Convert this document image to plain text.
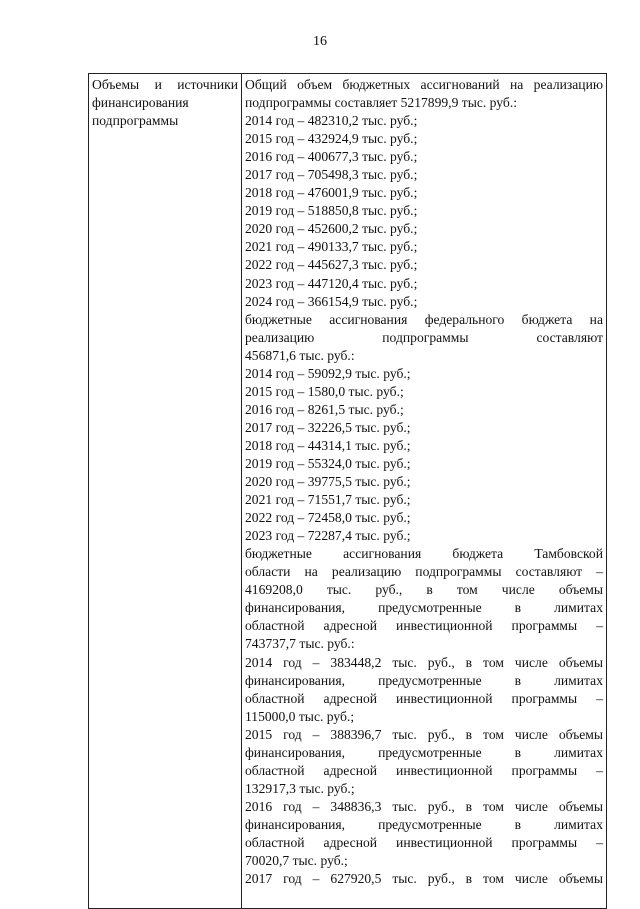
16
Объемы и источники
финансирования
подпрограммы

Общий объем бюджетных ассигнований на реализацию
подпрограммы составляет 5217899,9 тыс. руб.:
2014 год – 482310,2 тыс. руб.;
2015 год – 432924,9 тыс. руб.;
2016 год – 400677,3 тыс. руб.;
2017 год – 705498,3 тыс. руб.;
2018 год – 476001,9 тыс. руб.;
2019 год – 518850,8 тыс. руб.;
2020 год – 452600,2 тыс. руб.;
2021 год – 490133,7 тыс. руб.;
2022 год – 445627,3 тыс. руб.;
2023 год – 447120,4 тыс. руб.;
2024 год – 366154,9 тыс. руб.;
бюджетные ассигнования федерального бюджета на
реализацию подпрограммы составляют
456871,6 тыс. руб.:
2014 год – 59092,9 тыс. руб.;
2015 год – 1580,0 тыс. руб.;
2016 год – 8261,5 тыс. руб.;
2017 год – 32226,5 тыс. руб.;
2018 год – 44314,1 тыс. руб.;
2019 год – 55324,0 тыс. руб.;
2020 год – 39775,5 тыс. руб.;
2021 год – 71551,7 тыс. руб.;
2022 год – 72458,0 тыс. руб.;
2023 год – 72287,4 тыс. руб.;
бюджетные ассигнования бюджета Тамбовской
области на реализацию подпрограммы составляют –
4169208,0 тыс. руб., в том числе объемы
финансирования, предусмотренные в лимитах
областной адресной инвестиционной программы –
743737,7 тыс. руб.:
2014 год – 383448,2 тыс. руб., в том числе объемы
финансирования, предусмотренные в лимитах
областной адресной инвестиционной программы –
115000,0 тыс. руб.;
2015 год – 388396,7 тыс. руб., в том числе объемы
финансирования, предусмотренные в лимитах
областной адресной инвестиционной программы –
132917,3 тыс. руб.;
2016 год – 348836,3 тыс. руб., в том числе объемы
финансирования, предусмотренные в лимитах
областной адресной инвестиционной программы –
70020,7 тыс. руб.;
2017 год – 627920,5 тыс. руб., в том числе объемы
